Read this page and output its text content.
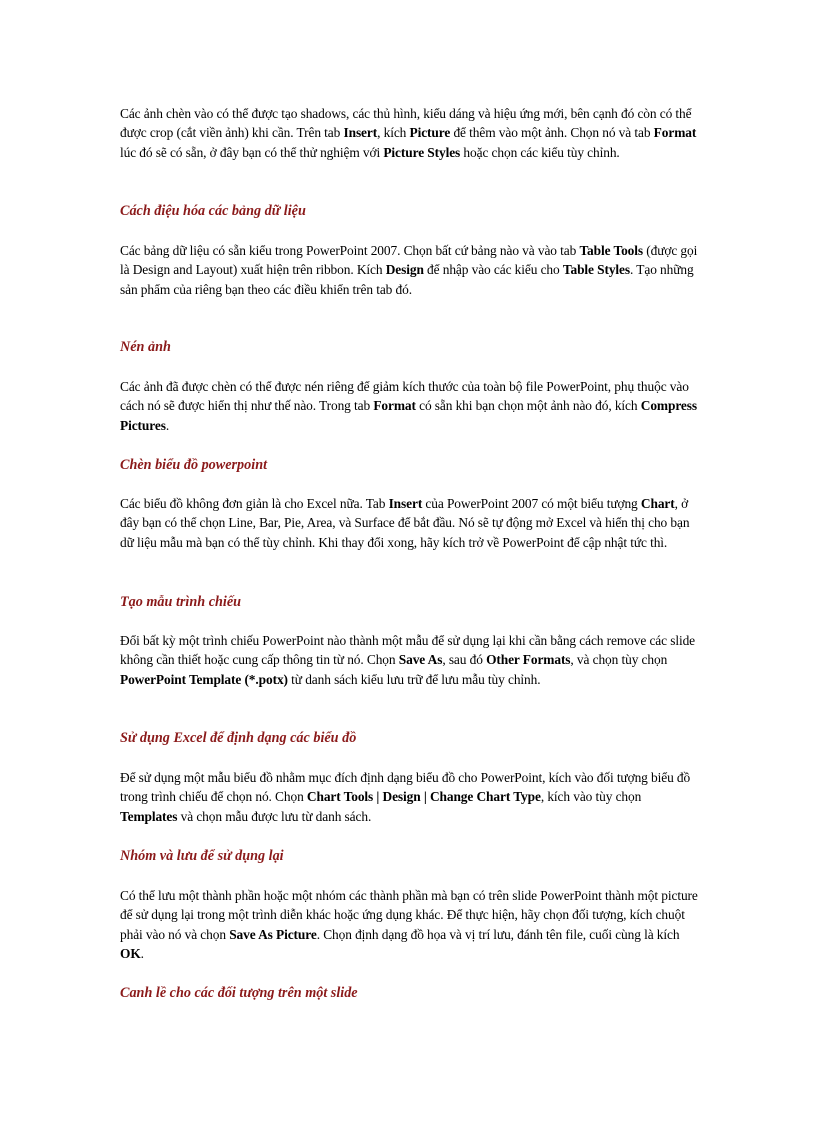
Các ảnh chèn vào có thể được tạo shadows, các thủ hình, kiểu dáng và hiệu ứng mới, bên cạnh đó còn có thể được crop (cắt viền ảnh) khi cần. Trên tab Insert, kích Picture để thêm vào một ảnh. Chọn nó và tab Format lúc đó sẽ có sẵn, ở đây bạn có thể thử nghiệm với Picture Styles hoặc chọn các kiểu tùy chỉnh.

Cách điệu hóa các bảng dữ liệu

Các bảng dữ liệu có sẵn kiểu trong PowerPoint 2007. Chọn bất cứ bảng nào và vào tab Table Tools (được gọi là Design and Layout) xuất hiện trên ribbon. Kích Design để nhập vào các kiểu cho Table Styles. Tạo những sản phẩm của riêng bạn theo các điều khiển trên tab đó.

Nén ảnh

Các ảnh đã được chèn có thể được nén riêng để giảm kích thước của toàn bộ file PowerPoint, phụ thuộc vào cách nó sẽ được hiển thị như thế nào. Trong tab Format có sẵn khi bạn chọn một ảnh nào đó, kích Compress Pictures.

Chèn biểu đồ powerpoint

Các biểu đồ không đơn giản là cho Excel nữa. Tab Insert của PowerPoint 2007 có một biểu tượng Chart, ở đây bạn có thể chọn Line, Bar, Pie, Area, và Surface để bắt đầu. Nó sẽ tự động mở Excel và hiển thị cho bạn dữ liệu mẫu mà bạn có thể tùy chỉnh. Khi thay đổi xong, hãy kích trở về PowerPoint để cập nhật tức thì.

Tạo mẫu trình chiếu

Đổi bất kỳ một trình chiếu PowerPoint nào thành một mẫu để sử dụng lại khi cần bằng cách remove các slide không cần thiết hoặc cung cấp thông tin từ nó. Chọn Save As, sau đó Other Formats, và chọn tùy chọn PowerPoint Template (*.potx) từ danh sách kiểu lưu trữ để lưu mẫu tùy chỉnh.

Sử dụng Excel để định dạng các biểu đồ

Để sử dụng một mẫu biểu đồ nhằm mục đích định dạng biểu đồ cho PowerPoint, kích vào đối tượng biểu đồ trong trình chiếu để chọn nó. Chọn Chart Tools | Design | Change Chart Type, kích vào tùy chọn Templates và chọn mẫu được lưu từ danh sách.

Nhóm và lưu để sử dụng lại

Có thể lưu một thành phần hoặc một nhóm các thành phần mà bạn có trên slide PowerPoint thành một picture để sử dụng lại trong một trình diễn khác hoặc ứng dụng khác. Để thực hiện, hãy chọn đối tượng, kích chuột phải vào nó và chọn Save As Picture. Chọn định dạng đồ họa và vị trí lưu, đánh tên file, cuối cùng là kích OK.

Canh lề cho các đối tượng trên một slide
